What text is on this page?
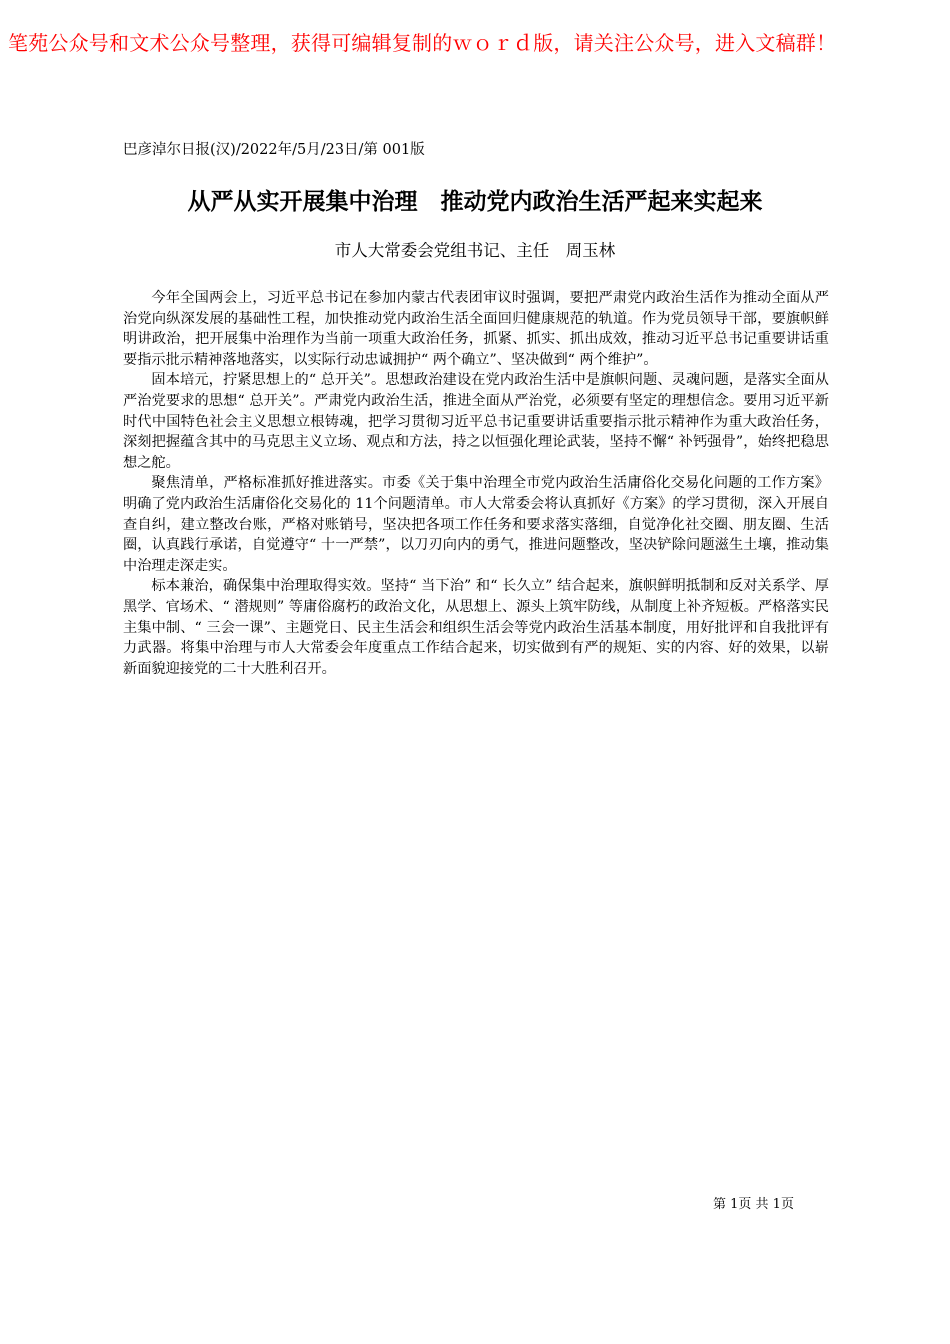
笔苑公众号和文术公众号整理，获得可编辑复制的ｗｏｒｄ版，请关注公众号，进入文稿群！
巴彦淖尔日报(汉)/2022年/5月/23日/第 001版
从严从实开展集中治理　推动党内政治生活严起来实起来
市人大常委会党组书记、主任　周玉林

今年全国两会上，习近平总书记在参加内蒙古代表团审议时强调，要把严肃党内政治生活作为推动全面从严治党向纵深发展的基础性工程，加快推动党内政治生活全面回归健康规范的轨道。作为党员领导干部，要旗帜鲜明讲政治，把开展集中治理作为当前一项重大政治任务，抓紧、抓实、抓出成效，推动习近平总书记重要讲话重要指示批示精神落地落实，以实际行动忠诚拥护“ 两个确立”、坚决做到“ 两个维护”。

固本培元，拧紧思想上的“ 总开关”。思想政治建设在党内政治生活中是旗帜问题、灵魂问题，是落实全面从严治党要求的思想“ 总开关”。严肃党内政治生活，推进全面从严治党，必须要有坚定的理想信念。要用习近平新时代中国特色社会主义思想立根铸魂，把学习贯彻习近平总书记重要讲话重要指示批示精神作为重大政治任务，深刻把握蕴含其中的马克思主义立场、观点和方法，持之以恒强化理论武装，坚持不懈“ 补钙强骨”，始终把稳思想之舵。

聚焦清单，严格标准抓好推进落实。市委《关于集中治理全市党内政治生活庸俗化交易化问题的工作方案》明确了党内政治生活庸俗化交易化的 11个问题清单。市人大常委会将认真抓好《方案》的学习贯彻，深入开展自查自纠，建立整改台账，严格对账销号，坚决把各项工作任务和要求落实落细，自觉净化社交圈、朋友圈、生活圈，认真践行承诺，自觉遵守“ 十一严禁”，以刀刃向内的勇气，推进问题整改，坚决铲除问题滋生土壤，推动集中治理走深走实。

标本兼治，确保集中治理取得实效。坚持“ 当下治” 和“ 长久立” 结合起来，旗帜鲜明抵制和反对关系学、厚黑学、官场术、“ 潜规则” 等庸俗腐朽的政治文化，从思想上、源头上筑牢防线，从制度上补齐短板。严格落实民主集中制、“ 三会一课”、主题党日、民主生活会和组织生活会等党内政治生活基本制度，用好批评和自我批评有力武器。将集中治理与市人大常委会年度重点工作结合起来，切实做到有严的规矩、实的内容、好的效果，以崭新面貌迎接党的二十大胜利召开。

第 1页 共 1页
